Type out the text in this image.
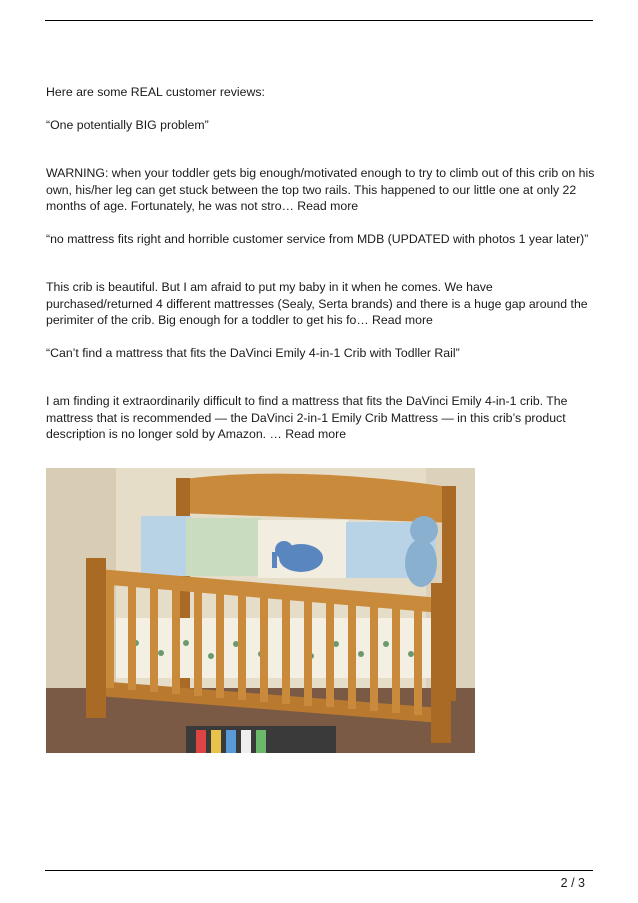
Here are some REAL customer reviews:

“One potentially BIG problem”

WARNING: when your toddler gets big enough/motivated enough to try to climb out of this crib on his own, his/her leg can get stuck between the top two rails. This happened to our little one at only 22 months of age. Fortunately, he was not stro… Read more

“no mattress fits right and horrible customer service from MDB (UPDATED with photos 1 year later)”

This crib is beautiful. But I am afraid to put my baby in it when he comes. We have purchased/returned 4 different mattresses (Sealy, Serta brands) and there is a huge gap around the perimiter of the crib. Big enough for a toddler to get his fo… Read more

“Can’t find a mattress that fits the DaVinci Emily 4-in-1 Crib with Todller Rail”

I am finding it extraordinarily difficult to find a mattress that fits the DaVinci Emily 4-in-1 crib. The mattress that is recommended — the DaVinci 2-in-1 Emily Crib Mattress — in this crib’s product description is no longer sold by Amazon. … Read more

2 / 3
